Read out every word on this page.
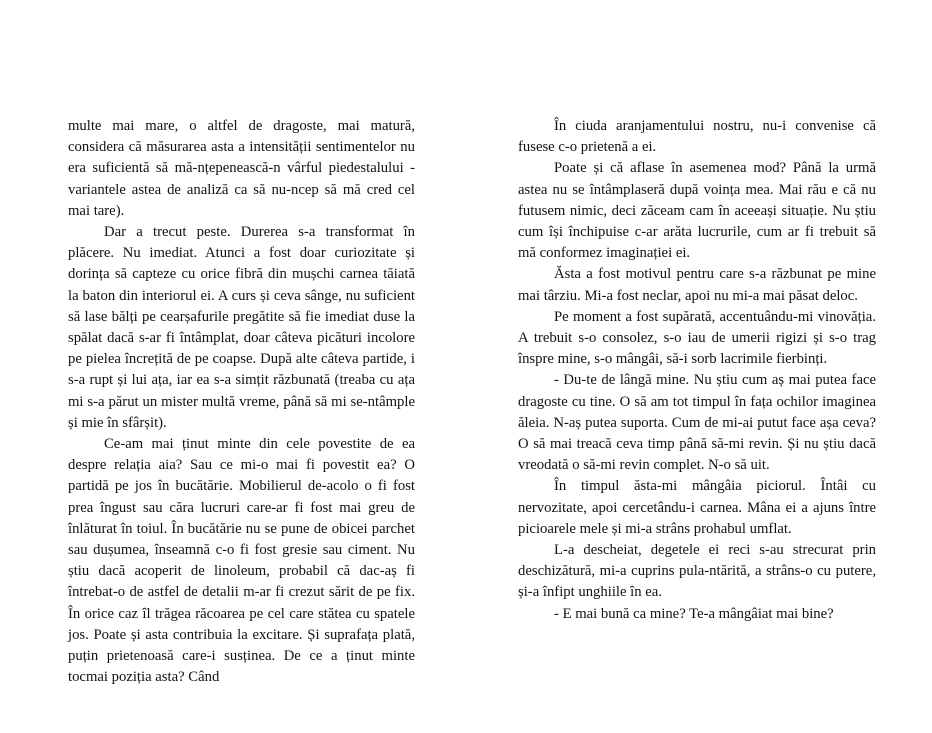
multe mai mare, o altfel de dragoste, mai matură, considera că măsurarea asta a intensității sentimentelor nu era suficientă să mă-nțepenească-n vârful piedestalului - variantele astea de analiză ca să nu-ncep să mă cred cel mai tare).

Dar a trecut peste. Durerea s-a transformat în plăcere. Nu imediat. Atunci a fost doar curiozitate și dorința să capteze cu orice fibră din mușchi carnea tăiată la baton din interiorul ei. A curs și ceva sânge, nu suficient să lase bălți pe cearșafurile pregătite să fie imediat duse la spălat dacă s-ar fi întâmplat, doar câteva picături incolore pe pielea încrețită de pe coapse. După alte câteva partide, i s-a rupt și lui ața, iar ea s-a simțit răzbunată (treaba cu ața mi s-a părut un mister multă vreme, până să mi se-ntâmple și mie în sfârșit).

Ce-am mai ținut minte din cele povestite de ea despre relația aia? Sau ce mi-o mai fi povestit ea? O partidă pe jos în bucătărie. Mobilierul de-acolo o fi fost prea îngust sau căra lucruri care-ar fi fost mai greu de înlăturat în toiul. În bucătărie nu se pune de obicei parchet sau dușumea, înseamnă c-o fi fost gresie sau ciment. Nu știu dacă acoperit de linoleum, probabil că dac-aș fi întrebat-o de astfel de detalii m-ar fi crezut sărit de pe fix. În orice caz îl trăgea răcoarea pe cel care stătea cu spatele jos. Poate și asta contribuia la excitare. Și suprafața plată, puțin prietenoasă care-i susținea. De ce a ținut minte tocmai poziția asta? Când

În ciuda aranjamentului nostru, nu-i convenise că fusese c-o prietenă a ei.

Poate și că aflase în asemenea mod? Până la urmă astea nu se întâmplaseră după voința mea. Mai rău e că nu futusem nimic, deci zăceam cam în aceeași situație. Nu știu cum își închipuise c-ar arăta lucrurile, cum ar fi trebuit să mă conformez imaginației ei.

Ăsta a fost motivul pentru care s-a răzbunat pe mine mai târziu. Mi-a fost neclar, apoi nu mi-a mai păsat deloc.

Pe moment a fost supărată, accentuându-mi vinovăția. A trebuit s-o consolez, s-o iau de umerii rigizi și s-o trag înspre mine, s-o mângâi, să-i sorb lacrimile fierbinți.

- Du-te de lângă mine. Nu știu cum aș mai putea face dragoste cu tine. O să am tot timpul în fața ochilor imaginea ăleia. N-aș putea suporta. Cum de mi-ai putut face așa ceva? O să mai treacă ceva timp până să-mi revin. Și nu știu dacă vreodată o să-mi revin complet. N-o să uit.

În timpul ăsta-mi mângâia piciorul. Întâi cu nervozitate, apoi cercetându-i carnea. Mâna ei a ajuns între picioarele mele și mi-a strâns prohabul umflat.

L-a descheiat, degetele ei reci s-au strecurat prin deschizătură, mi-a cuprins pula-ntărită, a strâns-o cu putere, și-a înfipt unghiile în ea.

- E mai bună ca mine? Te-a mângâiat mai bine?
